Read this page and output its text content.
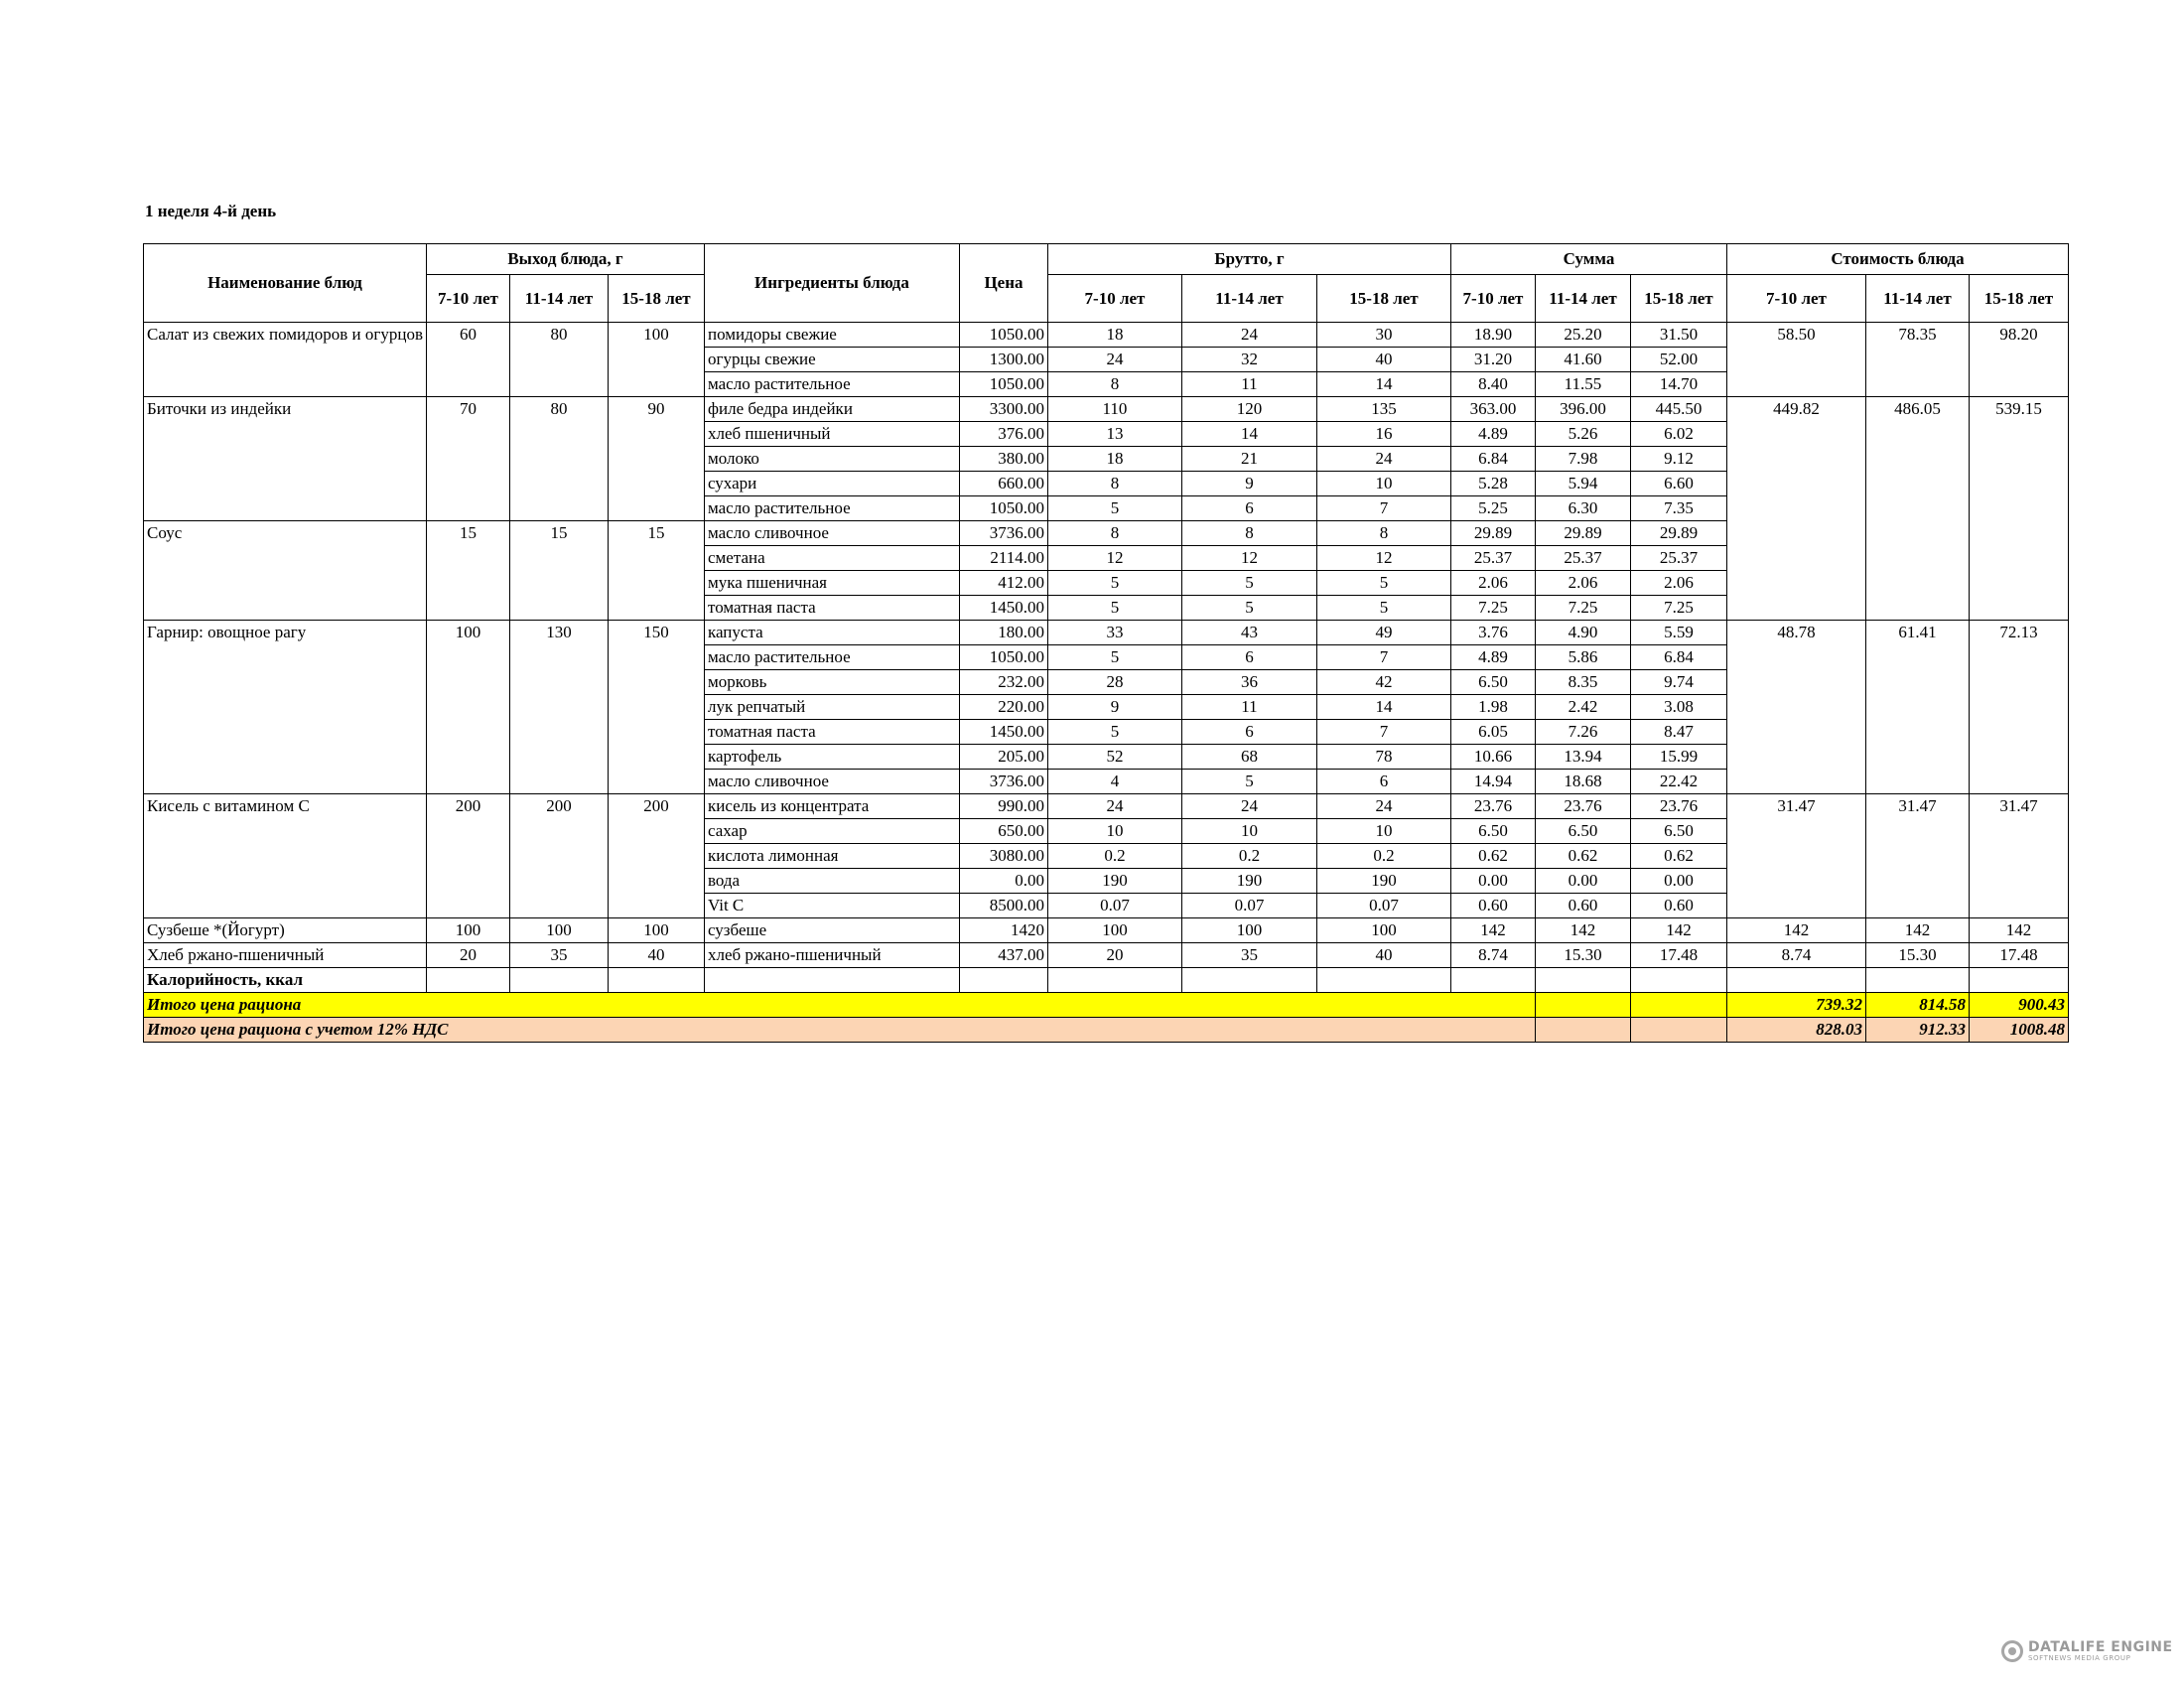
1 неделя 4-й день
Наименование блюд	Выход блюда, г			Ингредиенты блюда	Цена	Брутто, г			Сумма			Стоимость блюда		
	7-10 лет	11-14 лет	15-18 лет			7-10 лет	11-14 лет	15-18 лет	7-10 лет	11-14 лет	15-18 лет	7-10 лет	11-14 лет	15-18 лет
Салат из свежих помидоров и огурцов	60	80	100	помидоры свежие	1050.00	18	24	30	18.90	25.20	31.50	58.50	78.35	98.20
				огурцы свежие	1300.00	24	32	40	31.20	41.60	52.00			
				масло растительное	1050.00	8	11	14	8.40	11.55	14.70			
Биточки из индейки	70	80	90	филе бедра индейки	3300.00	110	120	135	363.00	396.00	445.50	449.82	486.05	539.15
				хлеб пшеничный	376.00	13	14	16	4.89	5.26	6.02			
				молоко	380.00	18	21	24	6.84	7.98	9.12			
				сухари	660.00	8	9	10	5.28	5.94	6.60			
				масло растительное	1050.00	5	6	7	5.25	6.30	7.35			
Соус	15	15	15	масло сливочное	3736.00	8	8	8	29.89	29.89	29.89			
				сметана	2114.00	12	12	12	25.37	25.37	25.37			
				мука пшеничная	412.00	5	5	5	2.06	2.06	2.06			
				томатная паста	1450.00	5	5	5	7.25	7.25	7.25			
Гарнир: овощное рагу	100	130	150	капуста	180.00	33	43	49	3.76	4.90	5.59	48.78	61.41	72.13
				масло растительное	1050.00	5	6	7	4.89	5.86	6.84			
				морковь	232.00	28	36	42	6.50	8.35	9.74			
				лук репчатый	220.00	9	11	14	1.98	2.42	3.08			
				томатная паста	1450.00	5	6	7	6.05	7.26	8.47			
				картофель	205.00	52	68	78	10.66	13.94	15.99			
				масло сливочное	3736.00	4	5	6	14.94	18.68	22.42			
Кисель с витамином С	200	200	200	кисель из концентрата	990.00	24	24	24	23.76	23.76	23.76	31.47	31.47	31.47
				сахар	650.00	10	10	10	6.50	6.50	6.50			
				кислота лимонная	3080.00	0.2	0.2	0.2	0.62	0.62	0.62			
				вода	0.00	190	190	190	0.00	0.00	0.00			
				Vit C	8500.00	0.07	0.07	0.07	0.60	0.60	0.60			
Сузбеше *(Йогурт)	100	100	100	сузбеше	1420	100	100	100	142	142	142	142	142	142
Хлеб ржано-пшеничный	20	35	40	хлеб ржано-пшеничный	437.00	20	35	40	8.74	15.30	17.48	8.74	15.30	17.48
Калорийность, ккал														
Итого цена рациона												739.32	814.58	900.43
Итого цена рациона с учетом 12% НДС												828.03	912.33	1008.48
DATALIFE ENGINE
SOFTNEWS MEDIA GROUP
